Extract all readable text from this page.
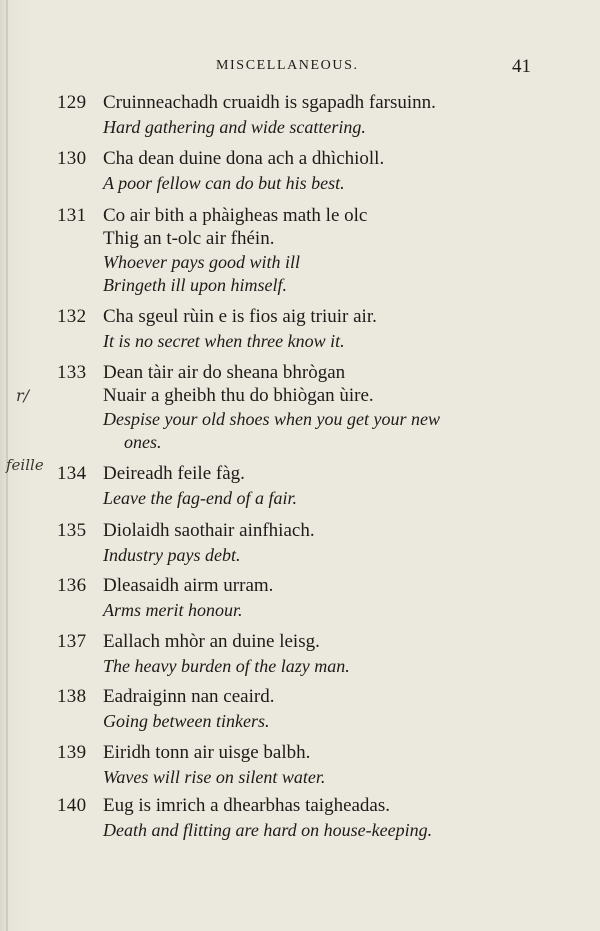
MISCELLANEOUS.	41
r/
feille
129 Cruinneachadh cruaidh is sgapadh farsuinn.
Hard gathering and wide scattering.
130 Cha dean duine dona ach a dhìchioll.
A poor fellow can do but his best.
131 Co air bith a phàigheas math le olc
Thig an t-olc air fhéin.
Whoever pays good with ill
Bringeth ill upon himself.
132 Cha sgeul rùin e is fios aig triuir air.
It is no secret when three know it.
133 Dean tàir air do sheana bhrògan
Nuair a gheibh thu do bhiògan ùire.
Despise your old shoes when you get your new
ones.
134 Deireadh feile fàg.
Leave the fag-end of a fair.
135 Diolaidh saothair ainfhiach.
Industry pays debt.
136 Dleasaidh airm urram.
Arms merit honour.
137 Eallach mhòr an duine leisg.
The heavy burden of the lazy man.
138 Eadraiginn nan ceaird.
Going between tinkers.
139 Eiridh tonn air uisge balbh.
Waves will rise on silent water.
140 Eug is imrich a dhearbhas taigheadas.
Death and flitting are hard on house-keeping.
